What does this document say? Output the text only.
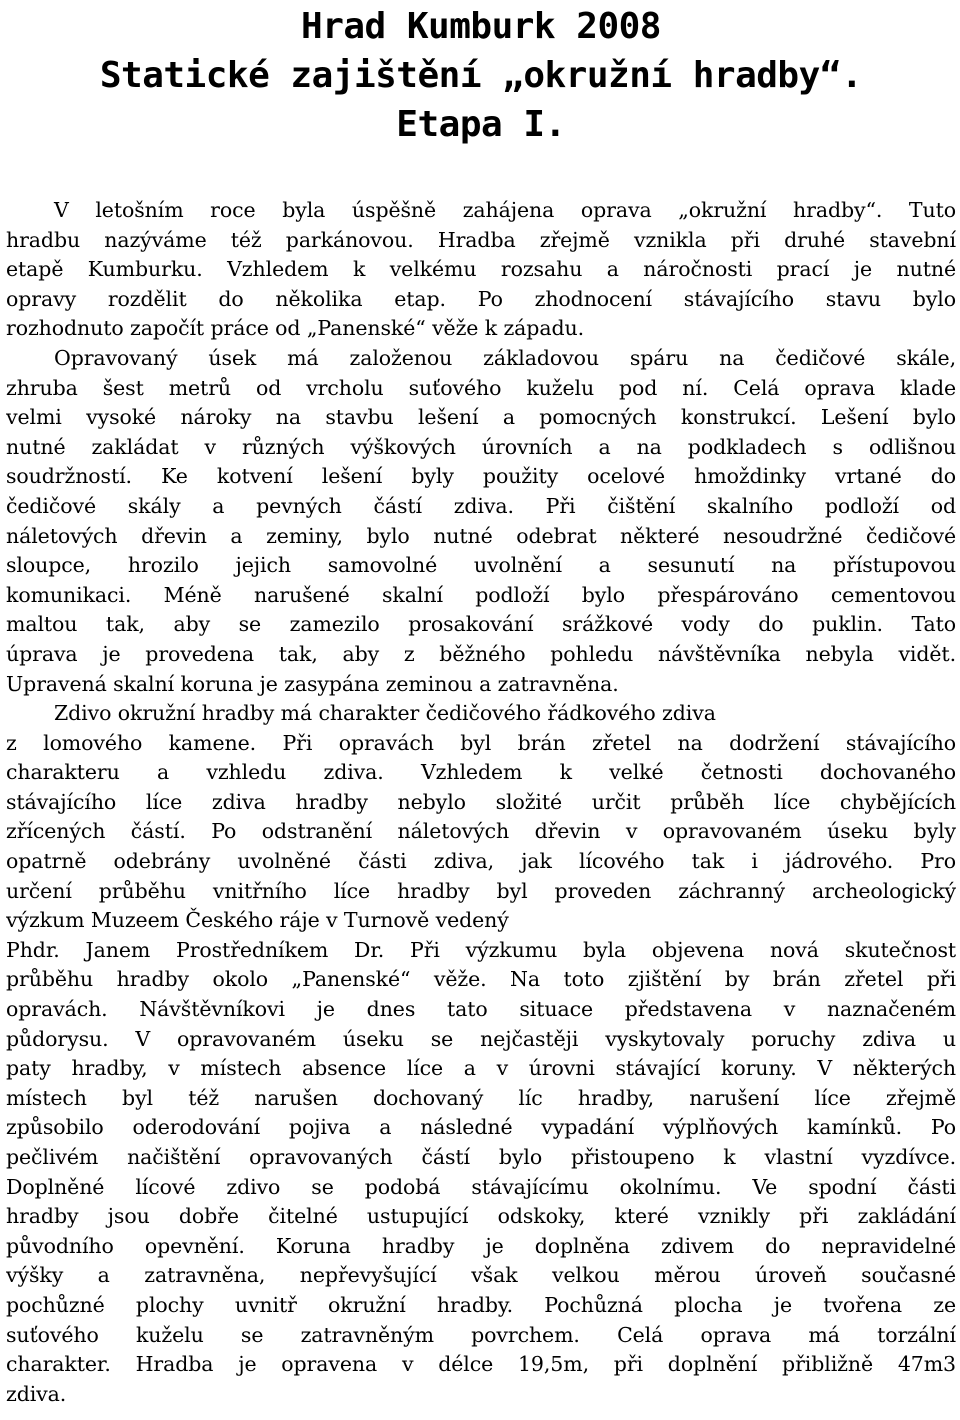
Hrad Kumburk 2008
Statické zajištění „okružní hradby“.
Etapa I.

V letošním roce byla úspěšně zahájena oprava „okružní hradby“. Tuto
hradbu nazýváme též parkánovou. Hradba zřejmě vznikla při druhé stavební
etapě Kumburku. Vzhledem k velkému rozsahu a náročnosti prací je nutné
opravy rozdělit do několika etap. Po zhodnocení stávajícího stavu bylo
rozhodnuto započít práce od „Panenské“ věže k západu.

Opravovaný úsek má založenou základovou spáru na čedičové skále,
zhruba šest metrů od vrcholu suťového kuželu pod ní. Celá oprava klade
velmi vysoké nároky na stavbu lešení a pomocných konstrukcí. Lešení bylo
nutné zakládat v různých výškových úrovních a na podkladech s odlišnou
soudržností. Ke kotvení lešení byly použity ocelové hmoždinky vrtané do
čedičové skály a pevných částí zdiva. Při čištění skalního podloží od
náletových dřevin a zeminy, bylo nutné odebrat některé nesoudržné čedičové
sloupce, hrozilo jejich samovolné uvolnění a sesunutí na přístupovou
komunikaci. Méně narušené skalní podloží bylo přespárováno cementovou
maltou tak, aby se zamezilo prosakování srážkové vody do puklin. Tato
úprava je provedena tak, aby z běžného pohledu návštěvníka nebyla vidět.
Upravená skalní koruna je zasypána zeminou a zatravněna.

Zdivo okružní hradby má charakter čedičového řádkového zdiva
z lomového kamene. Při opravách byl brán zřetel na dodržení stávajícího
charakteru a vzhledu zdiva. Vzhledem k velké četnosti dochovaného
stávajícího líce zdiva hradby nebylo složité určit průběh líce chybějících
zřícených částí. Po odstranění náletových dřevin v opravovaném úseku byly
opatrně odebrány uvolněné části zdiva, jak lícového tak i jádrového. Pro
určení průběhu vnitřního líce hradby byl proveden záchranný archeologický
výzkum Muzeem Českého ráje v Turnově vedený
Phdr. Janem Prostředníkem Dr. Při výzkumu byla objevena nová skutečnost
průběhu hradby okolo „Panenské“ věže. Na toto zjištění by brán zřetel při
opravách. Návštěvníkovi je dnes tato situace představena v naznačeném
půdorysu. V opravovaném úseku se nejčastěji vyskytovaly poruchy zdiva u
paty hradby, v místech absence líce a v úrovni stávající koruny. V některých
místech byl též narušen dochovaný líc hradby, narušení líce zřejmě
způsobilo oderodování pojiva a následné vypadání výplňových kamínků. Po
pečlivém načištění opravovaných částí bylo přistoupeno k vlastní vyzdívce.
Doplněné lícové zdivo se podobá stávajícímu okolnímu. Ve spodní části
hradby jsou dobře čitelné ustupující odskoky, které vznikly při zakládání
původního opevnění. Koruna hradby je doplněna zdivem do nepravidelné
výšky a zatravněna, nepřevyšující však velkou měrou úroveň současné
pochůzné plochy uvnitř okružní hradby. Pochůzná plocha je tvořena ze
suťového kuželu se zatravněným povrchem. Celá oprava má torzální
charakter. Hradba je opravena v délce 19,5m, při doplnění přibližně 47m3
zdiva.
